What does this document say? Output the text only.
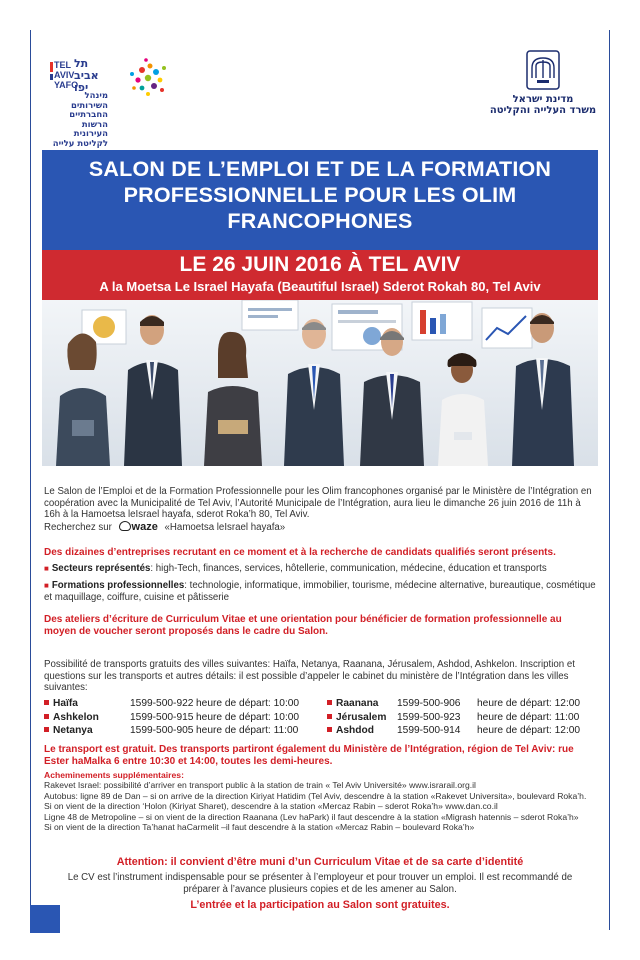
TEL
AVIV
YAFO
תל
אביב
יפו
מינהל השירותים
החברתיים
הרשות העירונית
לקליטת עלייה
מדינת ישראל
משרד העלייה והקליטה
SALON DE L’EMPLOI ET DE LA FORMATION
PROFESSIONNELLE POUR LES OLIM
FRANCOPHONES
LE 26 JUIN 2016 À TEL AVIV
A la Moetsa Le Israel Hayafa (Beautiful Israel) Sderot Rokah 80, Tel Aviv
Le Salon de l’Emploi et de la Formation Professionnelle pour les Olim francophones organisé par le Ministère de l’Intégration en coopération avec la Municipalité de Tel Aviv, l’Autorité Municipale de l’Intégration, aura lieu le dimanche 26 juin 2016 de 11h à 16h à la Hamoetsa leIsrael hayafa, sderot Roka’h 80, Tel Aviv.
Recherchez sur waze «Hamoetsa leIsrael hayafa»
Des dizaines d’entreprises recrutant en ce moment et à la recherche de candidats qualifiés seront présents.
■ Secteurs représentés: high-Tech, finances, services, hôtellerie, communication, médecine, éducation et transports
■ Formations professionnelles: technologie, informatique, immobilier, tourisme, médecine alternative, bureautique, cosmétique et maquillage, coiffure, cuisine et pâtisserie
Des ateliers d’écriture de Curriculum Vitae et une orientation pour bénéficier de formation professionnelle au moyen de voucher seront proposés dans le cadre du Salon.
Possibilité de transports gratuits des villes suivantes: Haïfa, Netanya, Raanana, Jérusalem, Ashdod, Ashkelon. Inscription et questions sur les transports et autres détails: il est possible d’appeler le cabinet du ministère de l’Intégration dans les villes suivantes:
Haïfa	1599-500-922	heure de départ: 10:00	Raanana	1599-500-906	heure de départ: 12:00
Ashkelon	1599-500-915	heure de départ: 10:00	Jérusalem	1599-500-923	heure de départ: 11:00
Netanya	1599-500-905	heure de départ: 11:00	Ashdod	1599-500-914	heure de départ: 12:00
Le transport est gratuit. Des transports partiront également du Ministère de l’Intégration, région de Tel Aviv: rue Ester haMalka 6 entre 10:30 et 14:00, toutes les demi-heures.
Acheminements supplémentaires:
Rakevet Israel: possibilité d’arriver en transport public à la station de train « Tel Aviv Université» www.israrail.org.il
Autobus: ligne 89 de Dan – si on arrive de la direction Kiriyat Hatidim (Tel Aviv, descendre à la station «Rakevet Universita», boulevard Roka’h.
Si on vient de la direction ‘Holon (Kiriyat Sharet), descendre à la station «Mercaz Rabin – sderot Roka’h» www.dan.co.il
Ligne 48 de Metropoline – si on vient de la direction Raanana (Lev haPark) il faut descendre à la station «Migrash hatennis – sderot Roka’h»
Si on vient de la direction Ta’hanat haCarmelit –il faut descendre à la station «Mercaz Rabin – boulevard Roka’h»
Attention: il convient d’être muni d’un Curriculum Vitae et de sa carte d’identité
Le CV est l’instrument indispensable pour se présenter à l’employeur et pour trouver un emploi. Il est recommandé de préparer à l’avance plusieurs copies et de les amener au Salon.
L’entrée et la participation au Salon sont gratuites.
